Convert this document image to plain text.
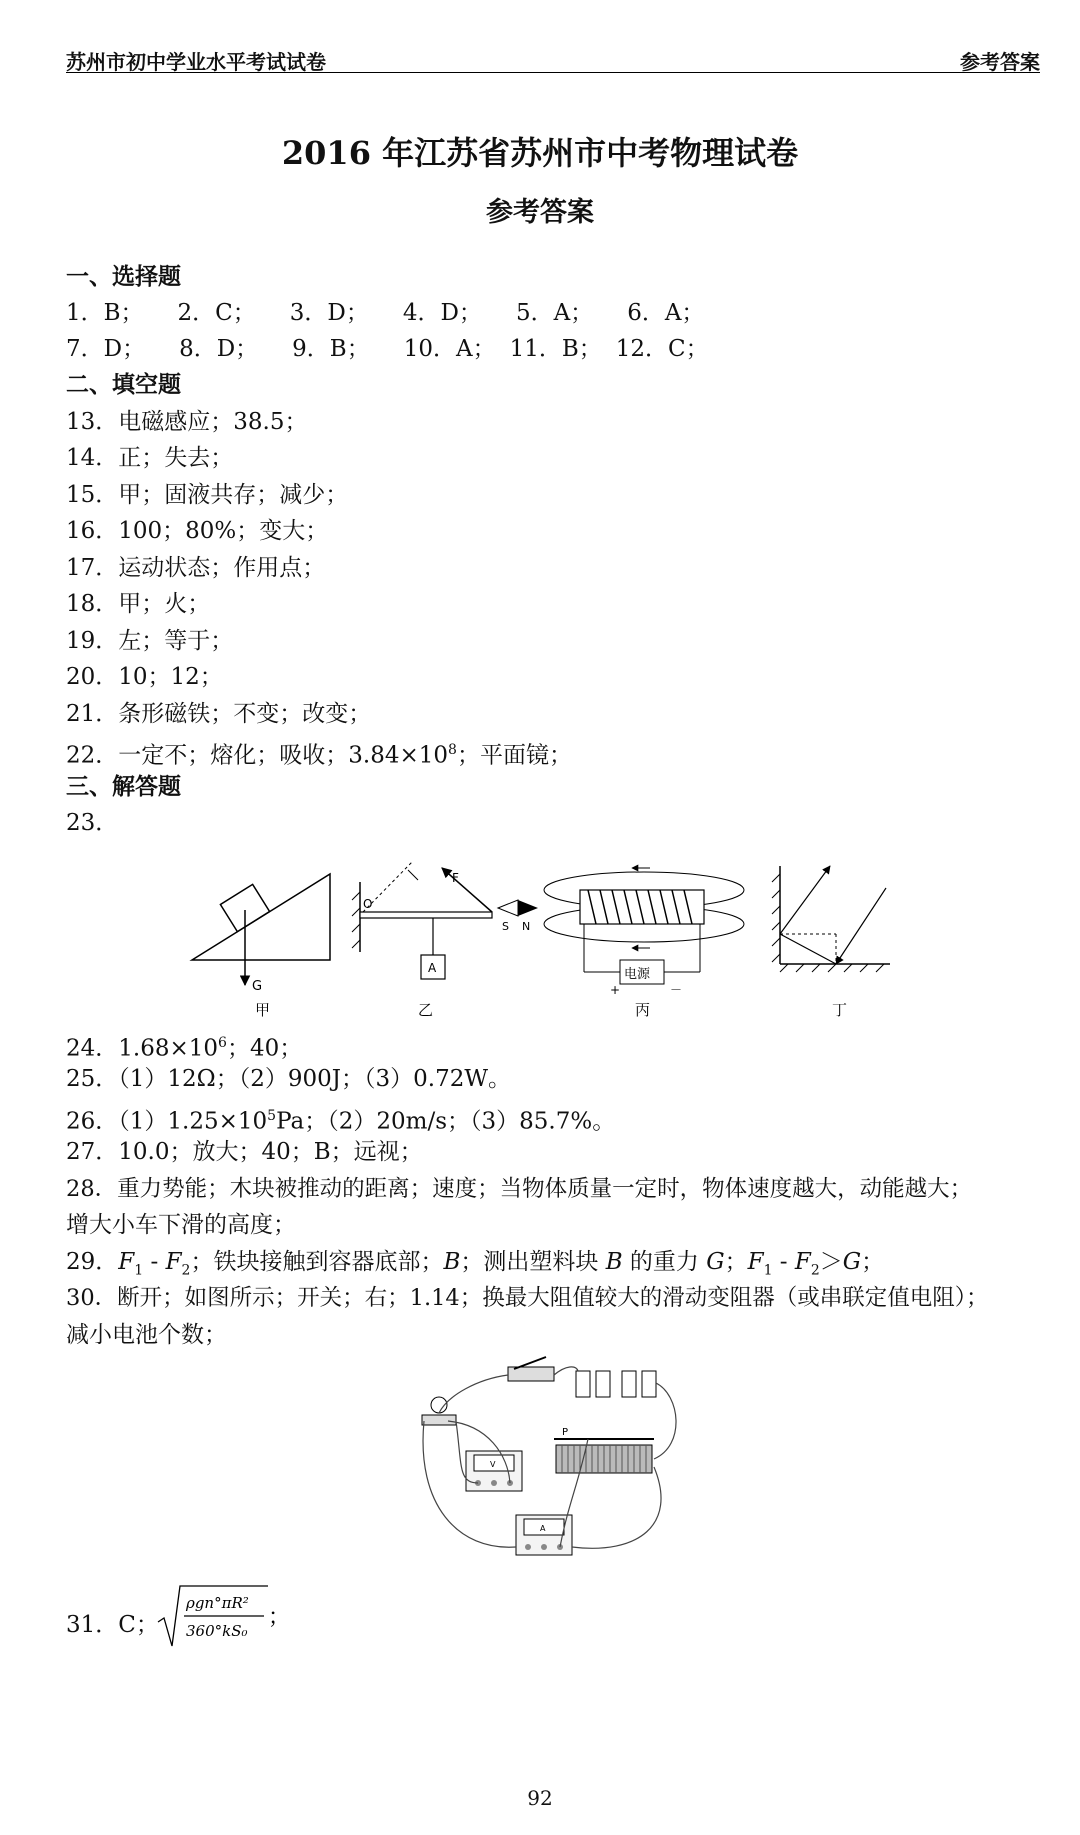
苏州市初中学业水平考试试卷	参考答案
2016 年江苏省苏州市中考物理试卷
参考答案
一、选择题
1．B； 2．C； 3．D； 4．D； 5．A； 6．A；
7．D； 8．D； 9．B； 10．A； 11．B； 12．C；
二、填空题
13．电磁感应；38.5；
14．正；失去；
15．甲；固液共存；减少；
16．100；80%；变大；
17．运动状态；作用点；
18．甲；火；
19．左；等于；
20．10；12；
21．条形磁铁；不变；改变；
22．一定不；熔化；吸收；$3.84\times 10^8$；平面镜；
三、解答题
23．
G
甲
O
F
A
乙
S N
电源
+	－
丙	丁
24．$1.68\times 10^6$；40；
25．（1）12Ω；（2）900J；（3）0.72W。
26．$(1)1.25\times 10^5Pa$；（2）20m/s；（3）85.7%。
27．10.0；放大；40；B；远视；
28．重力势能；木块被推动的距离；速度；当物体质量一定时，物体速度越大，动能越大；
增大小车下滑的高度；
29．$F_1 - F_2$；铁块接触到容器底部；B；测出塑料块 B 的重力 G；$F_1 - F_2>G$；
30．断开；如图所示；开关；右；1.14；换最大阻值较大的滑动变阻器（或串联定值电阻）；
减小电池个数；
V
P
A
31．C；
ρgn°πR²
360°kS₀
；
92
